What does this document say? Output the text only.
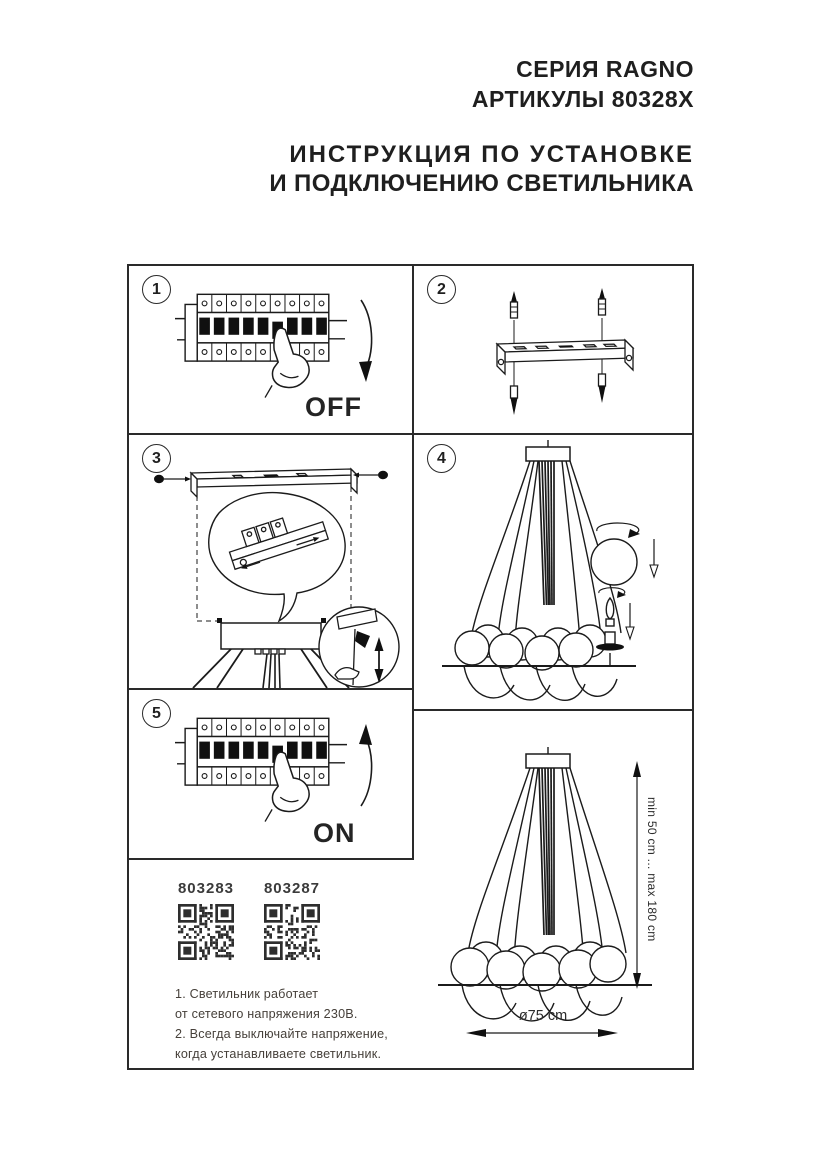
СЕРИЯ RAGNO
АРТИКУЛЫ 80328X
ИНСТРУКЦИЯ ПО УСТАНОВКЕ
И ПОДКЛЮЧЕНИЮ СВЕТИЛЬНИКА
1
OFF
2
3	4
5
ON
803283 803287
1. Светильник работает
от сетевого напряжения 230В.
2. Всегда выключайте напряжение,
когда устанавливаете светильник.
min 50 cm ... max 180 cm
ø75 cm
